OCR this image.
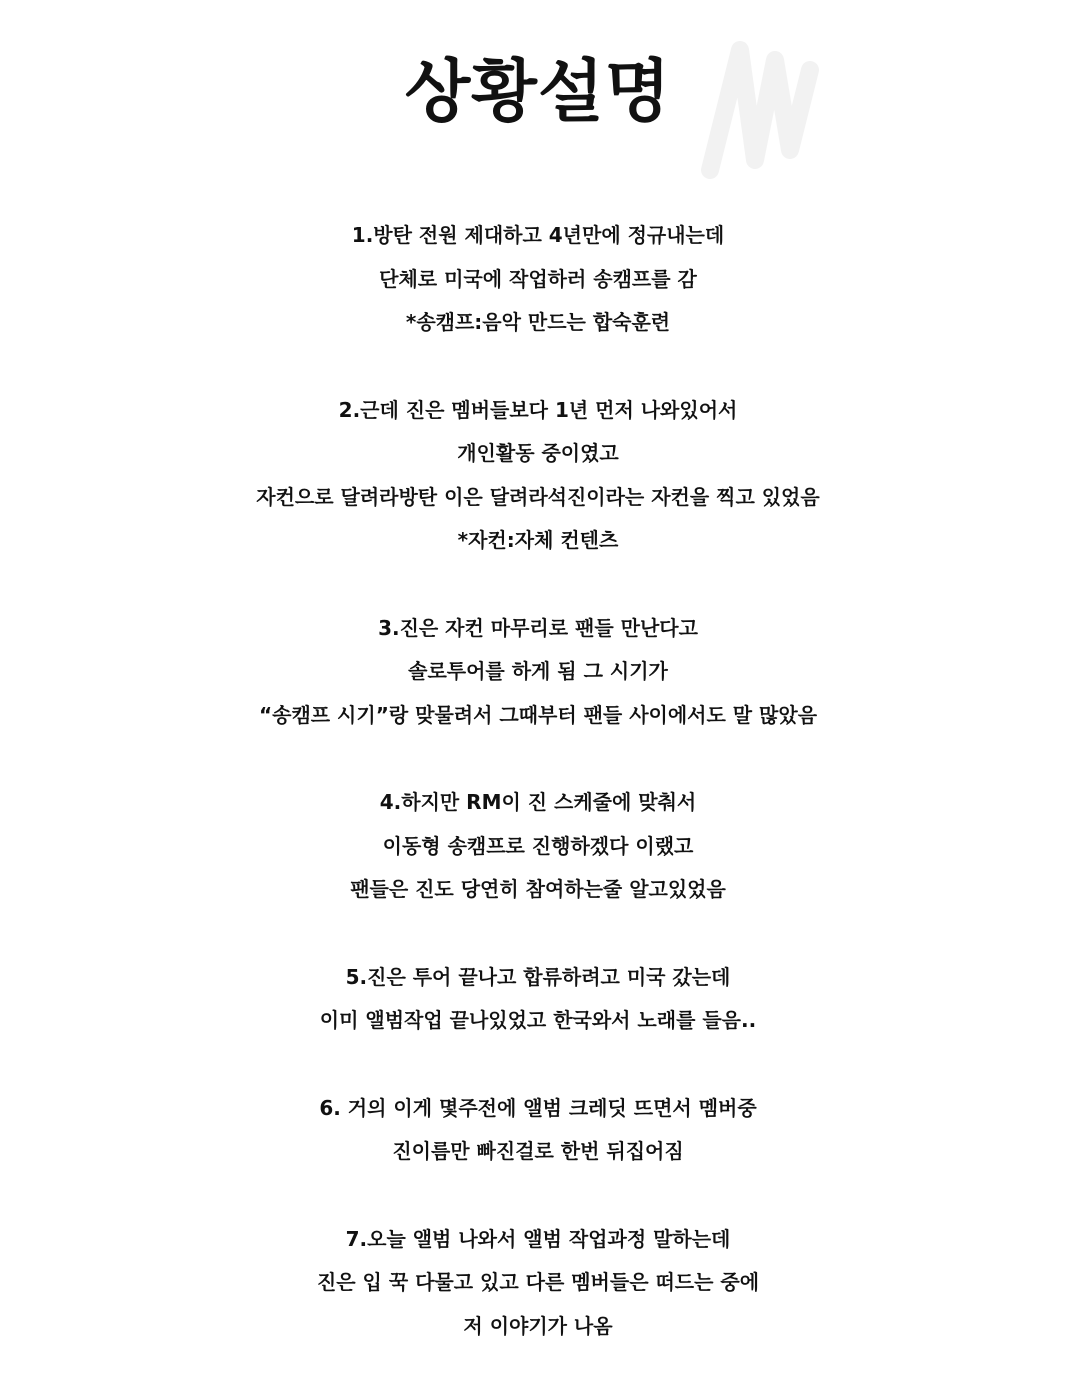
상황설명
1.방탄 전원 제대하고 4년만에 정규내는데
단체로 미국에 작업하러 송캠프를 감
*송캠프:음악 만드는 합숙훈련
2.근데 진은 멤버들보다 1년 먼저 나와있어서
개인활동 중이였고
자컨으로 달려라방탄 이은 달려라석진이라는 자컨을 찍고 있었음
*자컨:자체 컨텐츠
3.진은 자컨 마무리로 팬들 만난다고
솔로투어를 하게 됨 그 시기가
“송캠프 시기”랑 맞물려서 그때부터 팬들 사이에서도 말 많았음
4.하지만 RM이 진 스케줄에 맞춰서
이동형 송캠프로 진행하겠다 이랬고
팬들은 진도 당연히 참여하는줄 알고있었음
5.진은 투어 끝나고 합류하려고 미국 갔는데
이미 앨범작업 끝나있었고 한국와서 노래를 들음..
6. 거의 이게 몇주전에 앨범 크레딧 뜨면서 멤버중
진이름만 빠진걸로 한번 뒤집어짐
7.오늘 앨범 나와서 앨범 작업과정 말하는데
진은 입 꾹 다물고 있고 다른 멤버들은 떠드는 중에
저 이야기가 나옴
